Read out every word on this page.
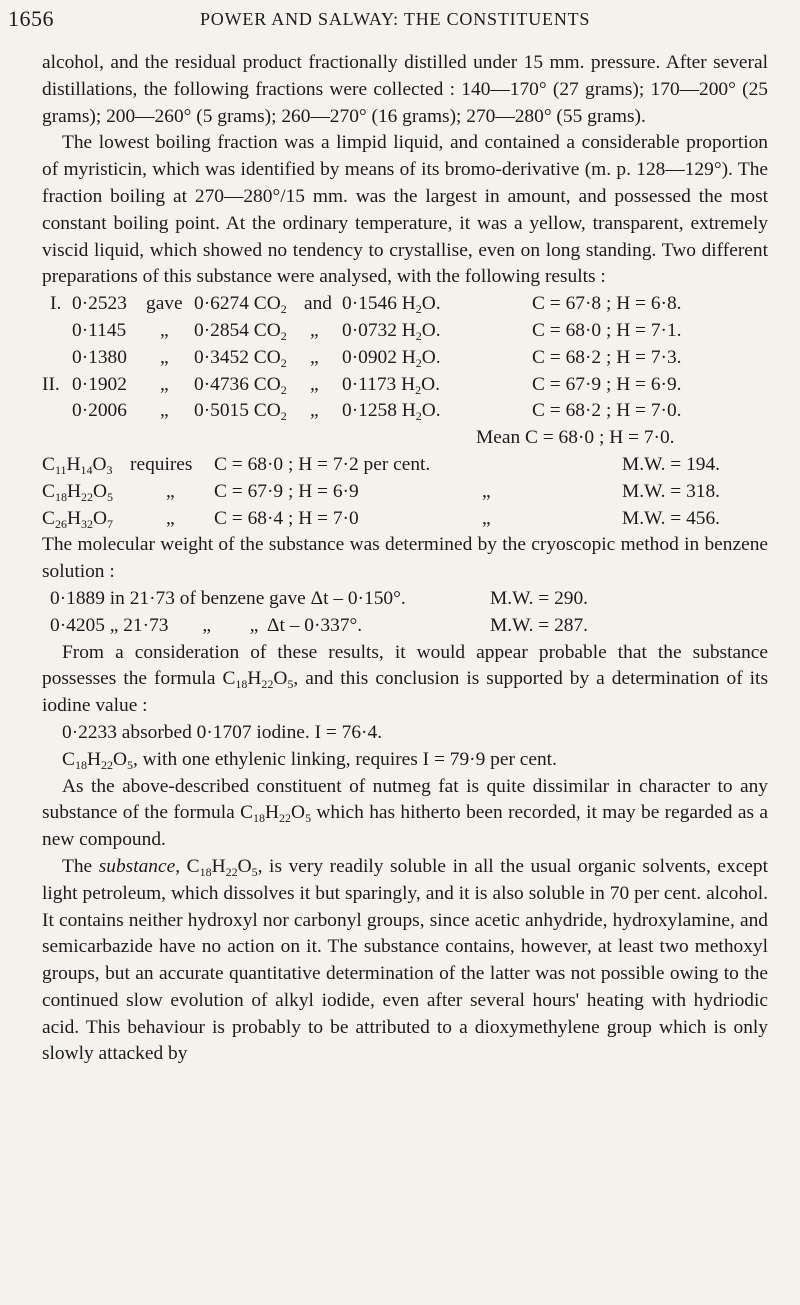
1656	POWER AND SALWAY: THE CONSTITUENTS

alcohol, and the residual product fractionally distilled under 15 mm. pressure. After several distillations, the following fractions were collected : 140—170° (27 grams); 170—200° (25 grams); 200—260° (5 grams); 260—270° (16 grams); 270—280° (55 grams).

The lowest boiling fraction was a limpid liquid, and contained a considerable proportion of myristicin, which was identified by means of its bromo-derivative (m. p. 128—129°). The fraction boiling at 270—280°/15 mm. was the largest in amount, and possessed the most constant boiling point. At the ordinary temperature, it was a yellow, transparent, extremely viscid liquid, which showed no tendency to crystallise, even on long standing. Two different preparations of this substance were analysed, with the following results :

I. 0·2523 gave 0·6274 $CO_2$ and 0·1546 $H_2O$.	C = 67·8 ; H = 6·8.
0·1145 „ 0·2854 $CO_2$ „ 0·0732 $H_2O$.	C = 68·0 ; H = 7·1.
0·1380 „ 0·3452 $CO_2$ „ 0·0902 $H_2O$.	C = 68·2 ; H = 7·3.
II. 0·1902 „ 0·4736 $CO_2$ „ 0·1173 $H_2O$.	C = 67·9 ; H = 6·9.
0·2006 „ 0·5015 $CO_2$ „ 0·1258 $H_2O$.	C = 68·2 ; H = 7·0.
Mean C = 68·0 ; H = 7·0.
$C_{11}H_{14}O_3$ requires C = 68·0 ; H = 7·2 per cent.	M.W. = 194.
$C_{18}H_{22}O_5$	„ C = 67·9 ; H = 6·9	„	M.W. = 318.
$C_{26}H_{32}O_7$	„ C = 68·4 ; H = 7·0	„	M.W. = 456.

The molecular weight of the substance was determined by the cryoscopic method in benzene solution :

0·1889 in 21·73 of benzene gave Δt – 0·150°.	M.W. = 290.
0·4205 „ 21·73       „        „  Δt – 0·337°.	M.W. = 287.

From a consideration of these results, it would appear probable that the substance possesses the formula $C_{18}H_{22}O_5$, and this conclusion is supported by a determination of its iodine value :

0·2233 absorbed 0·1707 iodine. I = 76·4.

$C_{18}H_{22}O_5$, with one ethylenic linking, requires I = 79·9 per cent.

As the above-described constituent of nutmeg fat is quite dissimilar in character to any substance of the formula $C_{18}H_{22}O_5$ which has hitherto been recorded, it may be regarded as a new compound.

The substance, $C_{18}H_{22}O_5$, is very readily soluble in all the usual organic solvents, except light petroleum, which dissolves it but sparingly, and it is also soluble in 70 per cent. alcohol. It contains neither hydroxyl nor carbonyl groups, since acetic anhydride, hydroxylamine, and semicarbazide have no action on it. The substance contains, however, at least two methoxyl groups, but an accurate quantitative determination of the latter was not possible owing to the continued slow evolution of alkyl iodide, even after several hours' heating with hydriodic acid. This behaviour is probably to be attributed to a dioxymethylene group which is only slowly attacked by
